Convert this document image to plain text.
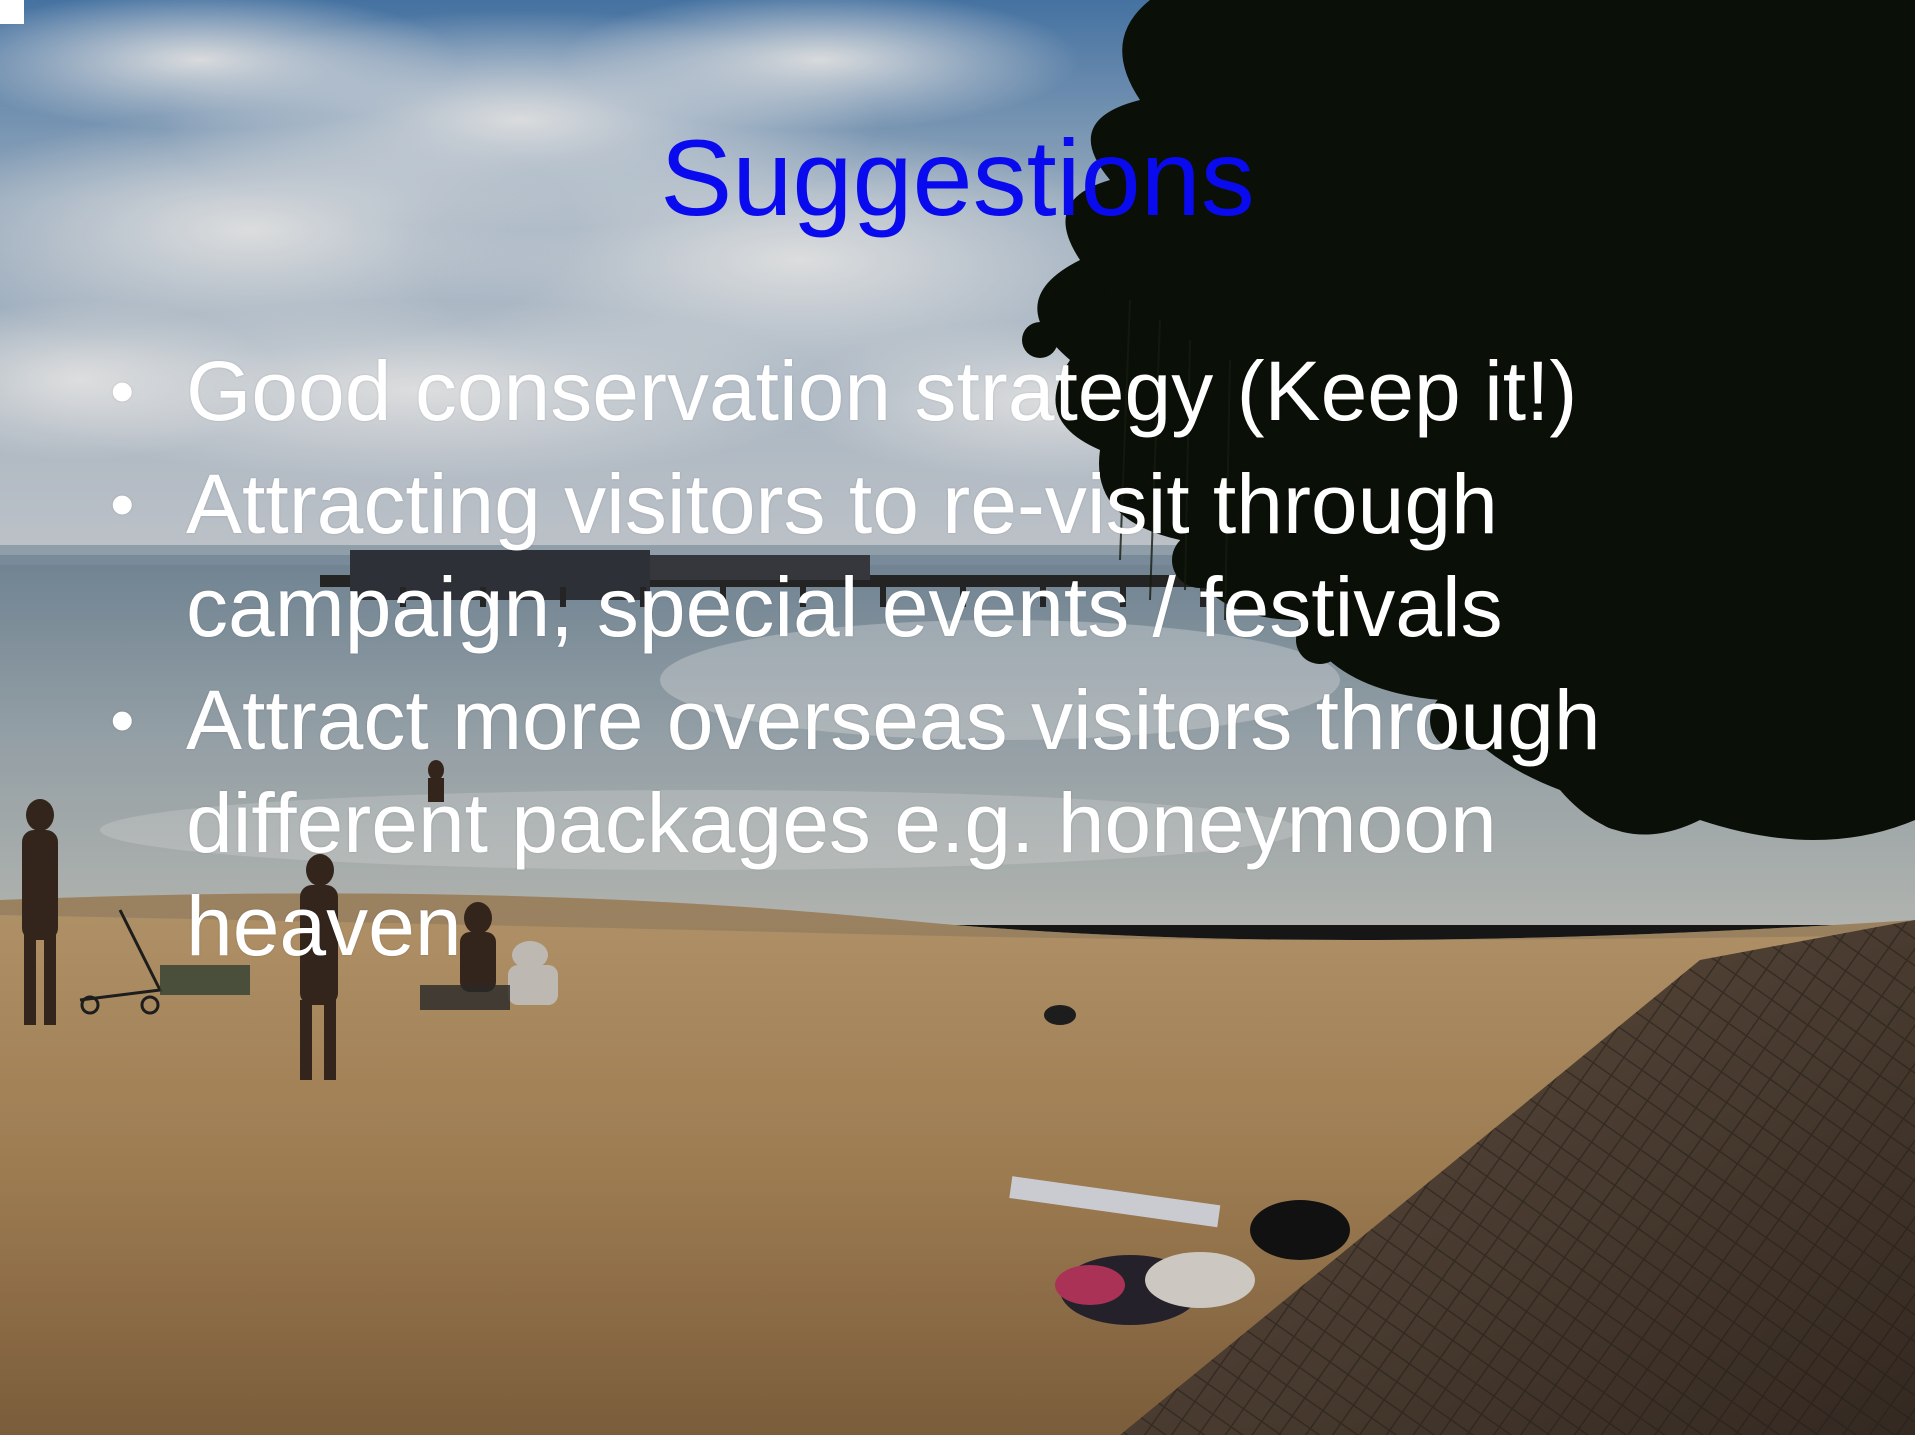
Suggestions
• Good conservation strategy (Keep it!)
• Attracting visitors to re-visit through campaign, special events / festivals
• Attract more overseas visitors through different packages e.g. honeymoon heaven
